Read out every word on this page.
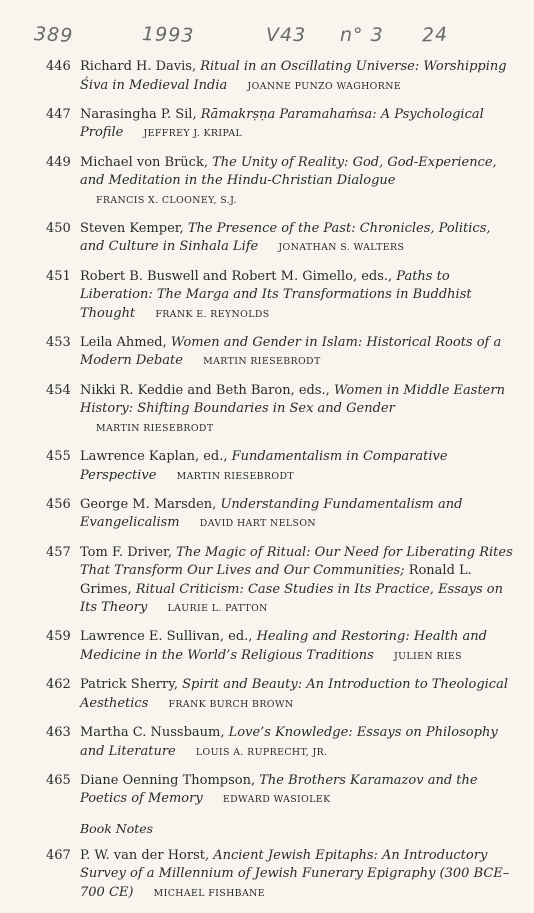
389	1993	V43 n° 3 24
446 Richard H. Davis, Ritual in an Oscillating Universe: Worshipping Śiva in Medieval India JOANNE PUNZO WAGHORNE
447 Narasingha P. Sil, Rāmakrṣṇa Paramahaṁsa: A Psychological Profile JEFFREY J. KRIPAL
449 Michael von Brück, The Unity of Reality: God, God-Experience, and Meditation in the Hindu-Christian Dialogue FRANCIS X. CLOONEY, S.J.
450 Steven Kemper, The Presence of the Past: Chronicles, Politics, and Culture in Sinhala Life JONATHAN S. WALTERS
451 Robert B. Buswell and Robert M. Gimello, eds., Paths to Liberation: The Marga and Its Transformations in Buddhist Thought FRANK E. REYNOLDS
453 Leila Ahmed, Women and Gender in Islam: Historical Roots of a Modern Debate MARTIN RIESEBRODT
454 Nikki R. Keddie and Beth Baron, eds., Women in Middle Eastern History: Shifting Boundaries in Sex and Gender MARTIN RIESEBRODT
455 Lawrence Kaplan, ed., Fundamentalism in Comparative Perspective MARTIN RIESEBRODT
456 George M. Marsden, Understanding Fundamentalism and Evangelicalism DAVID HART NELSON
457 Tom F. Driver, The Magic of Ritual: Our Need for Liberating Rites That Transform Our Lives and Our Communities; Ronald L. Grimes, Ritual Criticism: Case Studies in Its Practice, Essays on Its Theory LAURIE L. PATTON
459 Lawrence E. Sullivan, ed., Healing and Restoring: Health and Medicine in the World’s Religious Traditions JULIEN RIES
462 Patrick Sherry, Spirit and Beauty: An Introduction to Theological Aesthetics FRANK BURCH BROWN
463 Martha C. Nussbaum, Love’s Knowledge: Essays on Philosophy and Literature LOUIS A. RUPRECHT, JR.
465 Diane Oenning Thompson, The Brothers Karamazov and the Poetics of Memory EDWARD WASIOLEK
Book Notes
467 P. W. van der Horst, Ancient Jewish Epitaphs: An Introductory Survey of a Millennium of Jewish Funerary Epigraphy (300 BCE–700 CE) MICHAEL FISHBANE
